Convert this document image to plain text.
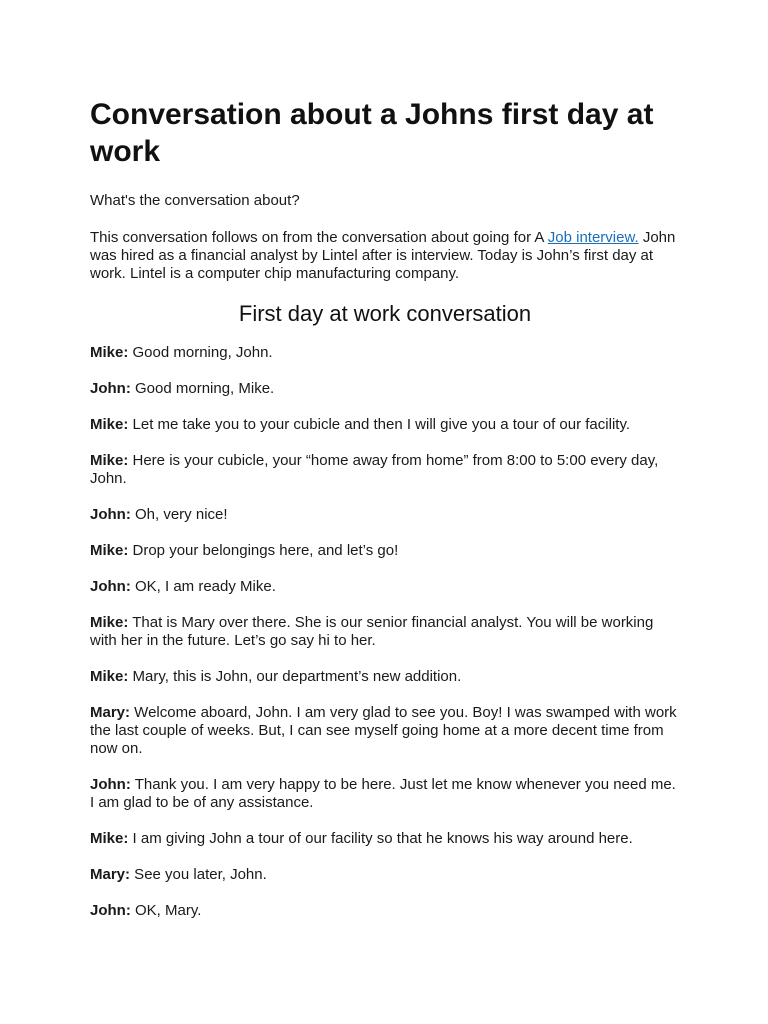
Conversation about a Johns first day at work

What's the conversation about?

This conversation follows on from the conversation about going for A Job interview. John was hired as a financial analyst by Lintel after is interview. Today is John’s first day at work. Lintel is a computer chip manufacturing company.

First day at work conversation

Mike: Good morning, John.

John: Good morning, Mike.

Mike: Let me take you to your cubicle and then I will give you a tour of our facility.

Mike: Here is your cubicle, your “home away from home” from 8:00 to 5:00 every day, John.

John: Oh, very nice!

Mike: Drop your belongings here, and let’s go!

John: OK, I am ready Mike.

Mike: That is Mary over there. She is our senior financial analyst. You will be working with her in the future. Let’s go say hi to her.

Mike: Mary, this is John, our department’s new addition.

Mary: Welcome aboard, John. I am very glad to see you. Boy! I was swamped with work the last couple of weeks. But, I can see myself going home at a more decent time from now on.

John: Thank you. I am very happy to be here. Just let me know whenever you need me. I am glad to be of any assistance.

Mike: I am giving John a tour of our facility so that he knows his way around here.

Mary: See you later, John.

John: OK, Mary.
